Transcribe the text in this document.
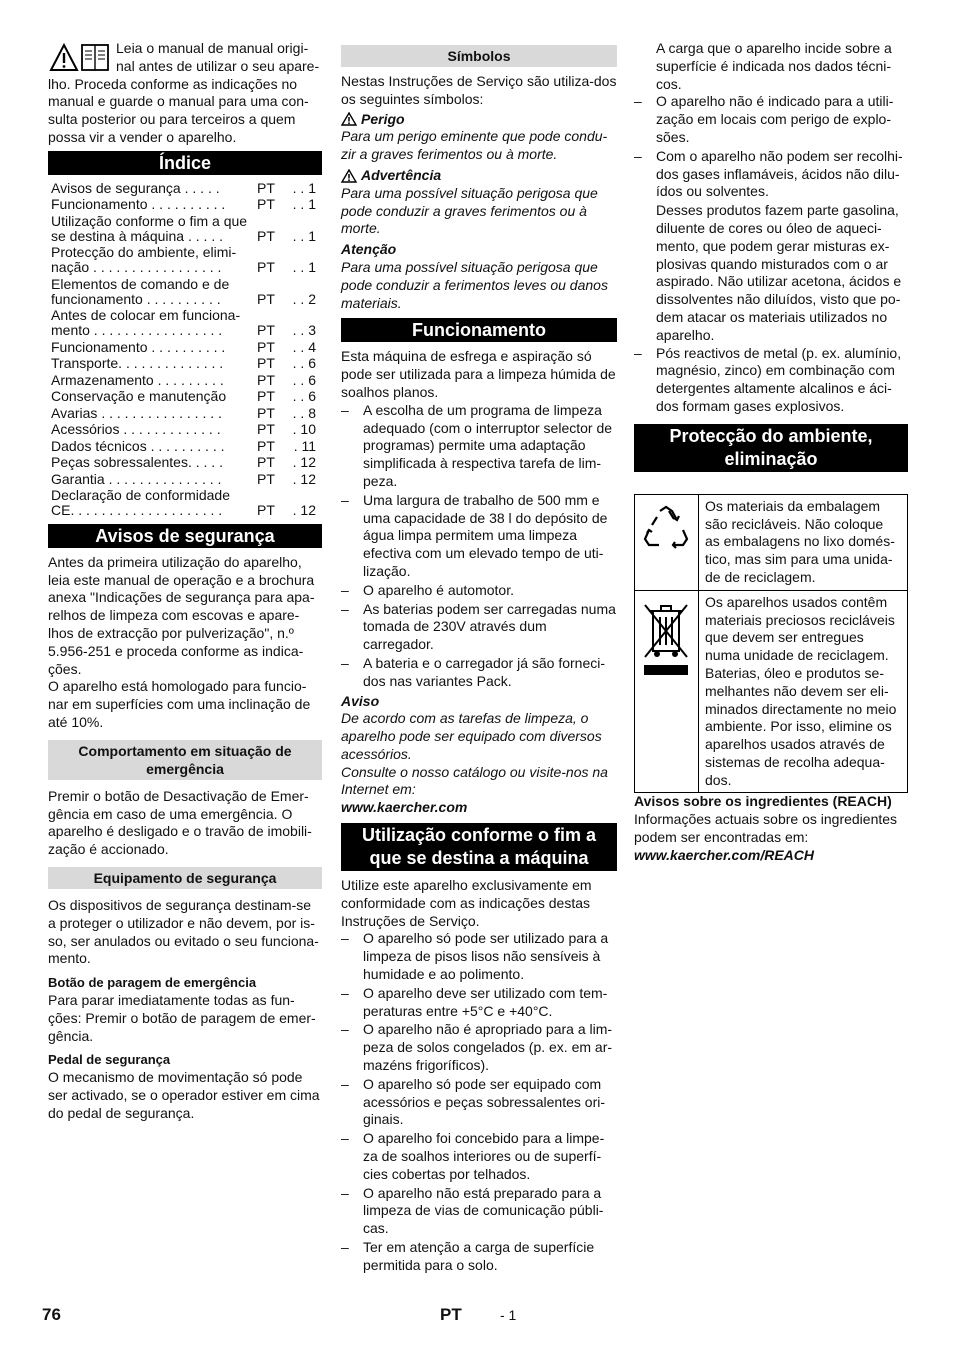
Leia o manual de manual origi-nal antes de utilizar o seu apare-

lho. Proceda conforme as indicações no manual e guarde o manual para uma con-sulta posterior ou para terceiros a quem possa vir a vender o aparelho.

Índice
Avisos de segurança . . . . .	PT	. . 1
Funcionamento . . . . . . . . . .	PT	. . 1
Utilização conforme o fim a que se destina à máquina . . . . .	PT	. . 1
Protecção do ambiente, elimi-nação . . . . . . . . . . . . . . . . .	PT	. . 1
Elementos de comando e de funcionamento . . . . . . . . . .	PT	. . 2
Antes de colocar em funciona-mento . . . . . . . . . . . . . . . . .	PT	. . 3
Funcionamento . . . . . . . . . .	PT	. . 4
Transporte. . . . . . . . . . . . . .	PT	. . 6
Armazenamento . . . . . . . . .	PT	. . 6
Conservação e manutenção	PT	. . 6
Avarias . . . . . . . . . . . . . . . .	PT	. . 8
Acessórios . . . . . . . . . . . . .	PT	. 10
Dados técnicos . . . . . . . . . .	PT	. 11
Peças sobressalentes. . . . .	PT	. 12
Garantia . . . . . . . . . . . . . . .	PT	. 12
Declaração de conformidade CE. . . . . . . . . . . . . . . . . . . .	PT	. 12
Avisos de segurança

Antes da primeira utilização do aparelho, leia este manual de operação e a brochura anexa "Indicações de segurança para apa-relhos de limpeza com escovas e apare-lhos de extracção por pulverização", n.º 5.956-251 e proceda conforme as indica-ções.

O aparelho está homologado para funcio-nar em superfícies com uma inclinação de até 10%.

Comportamento em situação de emergência

Premir o botão de Desactivação de Emer-gência em caso de uma emergência. O aparelho é desligado e o travão de imobili-zação é accionado.

Equipamento de segurança

Os dispositivos de segurança destinam-se a proteger o utilizador e não devem, por is-so, ser anulados ou evitado o seu funciona-mento.

Botão de paragem de emergência

Para parar imediatamente todas as fun-ções: Premir o botão de paragem de emer-gência.

Pedal de segurança

O mecanismo de movimentação só pode ser activado, se o operador estiver em cima do pedal de segurança.

Símbolos

Nestas Instruções de Serviço são utiliza-dos os seguintes símbolos:

Perigo

Para um perigo eminente que pode condu-zir a graves ferimentos ou à morte.

Advertência

Para uma possível situação perigosa que pode conduzir a graves ferimentos ou à morte.

Atenção

Para uma possível situação perigosa que pode conduzir a ferimentos leves ou danos materiais.

Funcionamento

Esta máquina de esfrega e aspiração só pode ser utilizada para a limpeza húmida de soalhos planos.

– A escolha de um programa de limpeza adequado (com o interruptor selector de programas) permite uma adaptação simplificada à respectiva tarefa de lim-peza.
– Uma largura de trabalho de 500 mm e uma capacidade de 38 l do depósito de água limpa permitem uma limpeza efectiva com um elevado tempo de uti-lização.
– O aparelho é automotor.
– As baterias podem ser carregadas numa tomada de 230V através dum carregador.
– A bateria e o carregador já são forneci-dos nas variantes Pack.

Aviso

De acordo com as tarefas de limpeza, o aparelho pode ser equipado com diversos acessórios.

Consulte o nosso catálogo ou visite-nos na Internet em:

www.kaercher.com

Utilização conforme o fim a que se destina a máquina

Utilize este aparelho exclusivamente em conformidade com as indicações destas Instruções de Serviço.

– O aparelho só pode ser utilizado para a limpeza de pisos lisos não sensíveis à humidade e ao polimento.
– O aparelho deve ser utilizado com tem-peraturas entre +5°C e +40°C.
– O aparelho não é apropriado para a lim-peza de solos congelados (p. ex. em ar-mazéns frigoríficos).
– O aparelho só pode ser equipado com acessórios e peças sobressalentes ori-ginais.
– O aparelho foi concebido para a limpe-za de soalhos interiores ou de superfí-cies cobertas por telhados.
– O aparelho não está preparado para a limpeza de vias de comunicação públi-cas.
– Ter em atenção a carga de superfície permitida para o solo.

A carga que o aparelho incide sobre a superfície é indicada nos dados técni-cos.

– O aparelho não é indicado para a utili-zação em locais com perigo de explo-sões.
– Com o aparelho não podem ser recolhi-dos gases inflamáveis, ácidos não dilu-ídos ou solventes.

Desses produtos fazem parte gasolina, diluente de cores ou óleo de aqueci-mento, que podem gerar misturas ex-plosivas quando misturados com o ar aspirado. Não utilizar acetona, ácidos e dissolventes não diluídos, visto que po-dem atacar os materiais utilizados no aparelho.

– Pós reactivos de metal (p. ex. alumínio, magnésio, zinco) em combinação com detergentes altamente alcalinos e áci-dos formam gases explosivos.
Protecção do ambiente, eliminação
	Os materiais da embalagem são recicláveis. Não coloque as embalagens no lixo domés-tico, mas sim para uma unida-de de reciclagem.
	Os aparelhos usados contêm materiais preciosos recicláveis que devem ser entregues numa unidade de reciclagem. Baterias, óleo e produtos se-melhantes não devem ser eli-minados directamente no meio ambiente. Por isso, elimine os aparelhos usados através de sistemas de recolha adequa-dos.

Avisos sobre os ingredientes (REACH)

Informações actuais sobre os ingredientes podem ser encontradas em:

www.kaercher.com/REACH

76	PT	- 1
